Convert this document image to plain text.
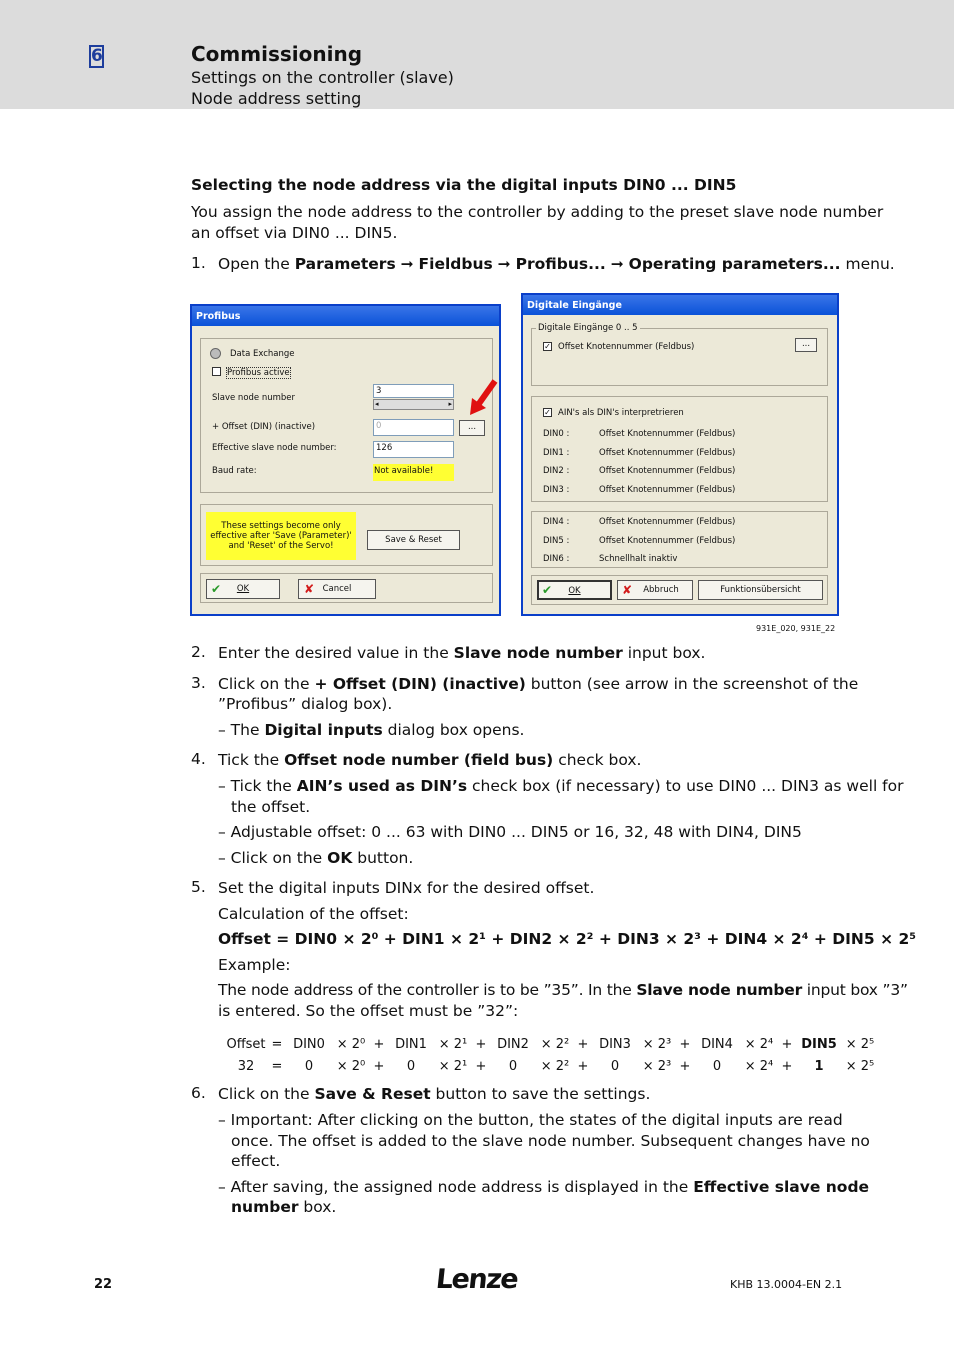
6	Commissioning
Settings on the controller (slave)
Node address setting
Selecting the node address via the digital inputs DIN0 ... DIN5
You assign the node address to the controller by adding to the preset slave node number
an offset via DIN0 ... DIN5.
1. Open the Parameters ➞ Fieldbus ➞ Profibus... ➞ Operating parameters... menu.
Profibus
Data Exchange
Profibus active
Slave node number
3
◂	▸
+ Offset (DIN) (inactive)	0	...
Effective slave node number:	126
Baud rate:	Not available!
These settings become only effective after 'Save (Parameter)' and 'Reset' of the Servo!
Save & Reset
✔ OK	✘ Cancel
Digitale Eingänge
Digitale Eingänge 0 .. 5
✓ Offset Knotennummer (Feldbus)	...
✓ AIN's als DIN's interpretrieren
DIN0 :	Offset Knotennummer (Feldbus)
DIN1 :	Offset Knotennummer (Feldbus)
DIN2 :	Offset Knotennummer (Feldbus)
DIN3 :	Offset Knotennummer (Feldbus)
DIN4 :	Offset Knotennummer (Feldbus)
DIN5 :	Offset Knotennummer (Feldbus)
DIN6 :	Schnellhalt inaktiv
✔ OK	✘ Abbruch	Funktionsübersicht
931E_020, 931E_22
2. Enter the desired value in the Slave node number input box.
3. Click on the + Offset (DIN) (inactive) button (see arrow in the screenshot of the
”Profibus” dialog box).
– The Digital inputs dialog box opens.
4. Tick the Offset node number (field bus) check box.
– Tick the AIN’s used as DIN’s check box (if necessary) to use DIN0 ... DIN3 as well for
the offset.
– Adjustable offset: 0 ... 63 with DIN0 ... DIN5 or 16, 32, 48 with DIN4, DIN5
– Click on the OK button.
5. Set the digital inputs DINx for the desired offset.
Calculation of the offset:
Offset = DIN0 × 2⁰ + DIN1 × 2¹ + DIN2 × 2² + DIN3 × 2³ + DIN4 × 2⁴ + DIN5 × 2⁵
Example:
The node address of the controller is to be ”35”. In the Slave node number input box ”3”
is entered. So the offset must be ”32”:
Offset	=	DIN0	× 2⁰	+	DIN1	× 2¹	+	DIN2	× 2²	+	DIN3	× 2³	+	DIN4	× 2⁴	+	DIN5	× 2⁵
32	=	0	× 2⁰	+	0	× 2¹	+	0	× 2²	+	0	× 2³	+	0	× 2⁴	+	1	× 2⁵
6. Click on the Save & Reset button to save the settings.
– Important: After clicking on the button, the states of the digital inputs are read
once. The offset is added to the slave node number. Subsequent changes have no
effect.
– After saving, the assigned node address is displayed in the Effective slave node
number box.
22	Lenze	KHB 13.0004-EN 2.1
